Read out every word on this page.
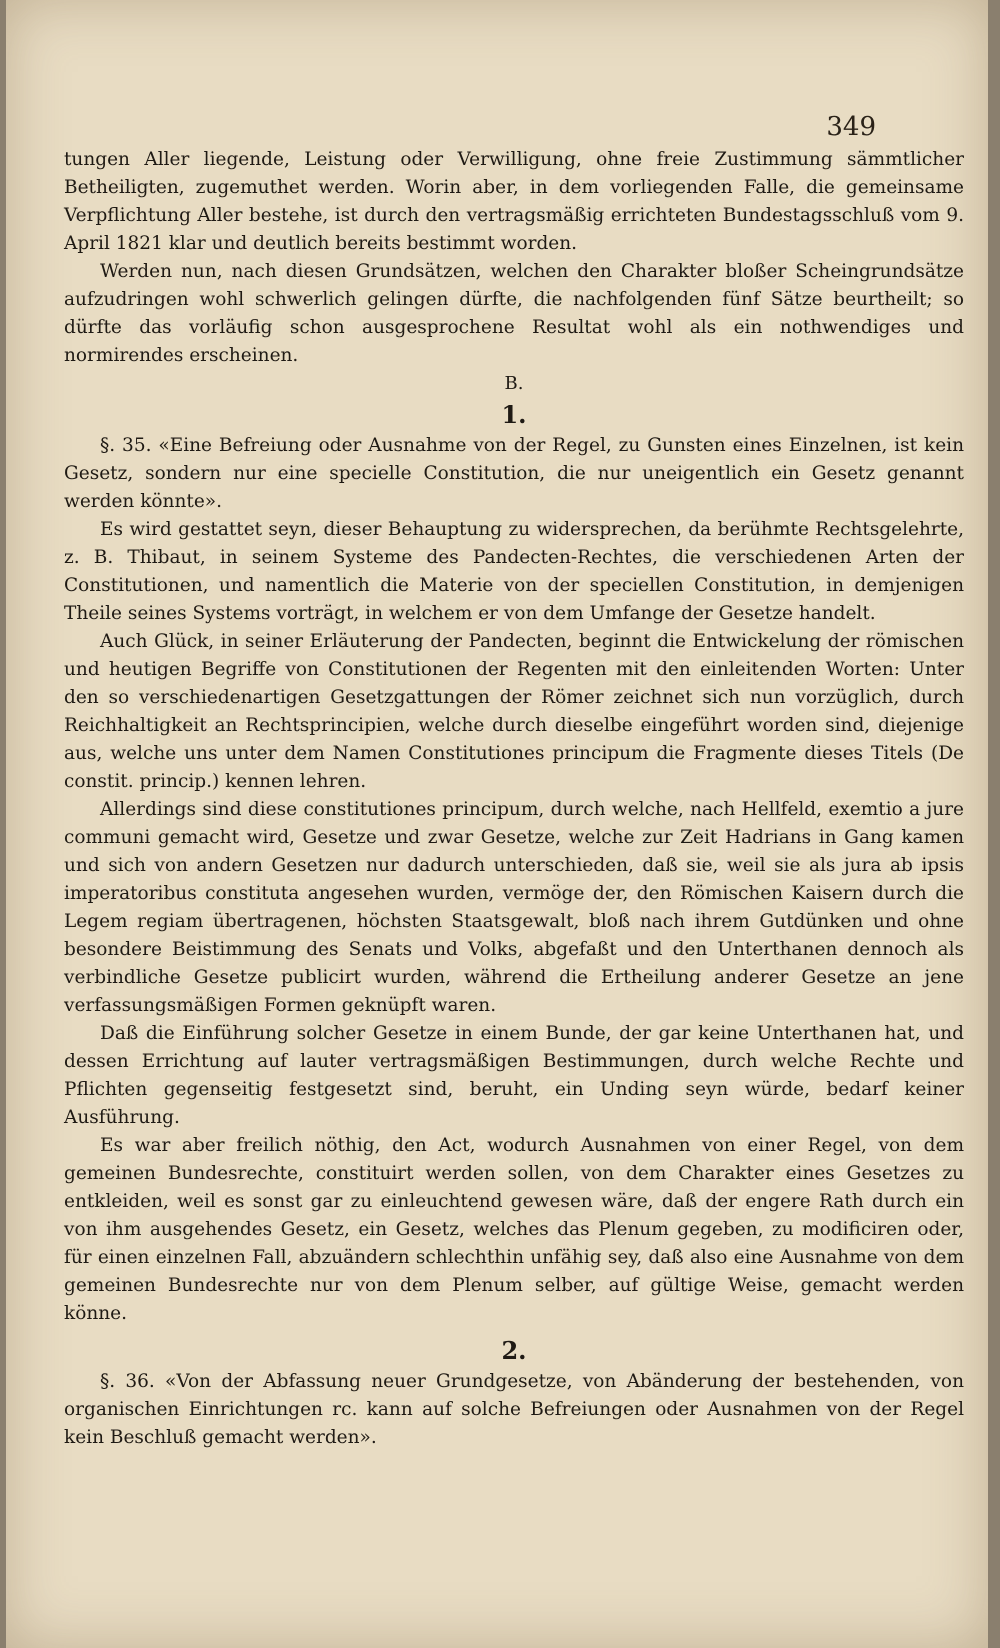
349

tungen Aller liegende, Leistung oder Verwilligung, ohne freie Zustimmung sämmtlicher Betheiligten, zugemuthet werden. Worin aber, in dem vorliegenden Falle, die gemeinsame Verpflichtung Aller bestehe, ist durch den vertragsmäßig errichteten Bundestagsschluß vom 9. April 1821 klar und deutlich bereits bestimmt worden.

Werden nun, nach diesen Grundsätzen, welchen den Charakter bloßer Scheingrundsätze aufzudringen wohl schwerlich gelingen dürfte, die nachfolgenden fünf Sätze beurtheilt; so dürfte das vorläufig schon ausgesprochene Resultat wohl als ein nothwendiges und normirendes erscheinen.

B.

1.

§. 35. «Eine Befreiung oder Ausnahme von der Regel, zu Gunsten eines Einzelnen, ist kein Gesetz, sondern nur eine specielle Constitution, die nur uneigentlich ein Gesetz genannt werden könnte».

Es wird gestattet seyn, dieser Behauptung zu widersprechen, da berühmte Rechtsgelehrte, z. B. Thibaut, in seinem Systeme des Pandecten-Rechtes, die verschiedenen Arten der Constitutionen, und namentlich die Materie von der speciellen Constitution, in demjenigen Theile seines Systems vorträgt, in welchem er von dem Umfange der Gesetze handelt.

Auch Glück, in seiner Erläuterung der Pandecten, beginnt die Entwickelung der römischen und heutigen Begriffe von Constitutionen der Regenten mit den einleitenden Worten: Unter den so verschiedenartigen Gesetzgattungen der Römer zeichnet sich nun vorzüglich, durch Reichhaltigkeit an Rechtsprincipien, welche durch dieselbe eingeführt worden sind, diejenige aus, welche uns unter dem Namen Constitutiones principum die Fragmente dieses Titels (De constit. princip.) kennen lehren.

Allerdings sind diese constitutiones principum, durch welche, nach Hellfeld, exemtio a jure communi gemacht wird, Gesetze und zwar Gesetze, welche zur Zeit Hadrians in Gang kamen und sich von andern Gesetzen nur dadurch unterschieden, daß sie, weil sie als jura ab ipsis imperatoribus constituta angesehen wurden, vermöge der, den Römischen Kaisern durch die Legem regiam übertragenen, höchsten Staatsgewalt, bloß nach ihrem Gutdünken und ohne besondere Beistimmung des Senats und Volks, abgefaßt und den Unterthanen dennoch als verbindliche Gesetze publicirt wurden, während die Ertheilung anderer Gesetze an jene verfassungsmäßigen Formen geknüpft waren.

Daß die Einführung solcher Gesetze in einem Bunde, der gar keine Unterthanen hat, und dessen Errichtung auf lauter vertragsmäßigen Bestimmungen, durch welche Rechte und Pflichten gegenseitig festgesetzt sind, beruht, ein Unding seyn würde, bedarf keiner Ausführung.

Es war aber freilich nöthig, den Act, wodurch Ausnahmen von einer Regel, von dem gemeinen Bundesrechte, constituirt werden sollen, von dem Charakter eines Gesetzes zu entkleiden, weil es sonst gar zu einleuchtend gewesen wäre, daß der engere Rath durch ein von ihm ausgehendes Gesetz, ein Gesetz, welches das Plenum gegeben, zu modificiren oder, für einen einzelnen Fall, abzuändern schlechthin unfähig sey, daß also eine Ausnahme von dem gemeinen Bundesrechte nur von dem Plenum selber, auf gültige Weise, gemacht werden könne.

2.

§. 36. «Von der Abfassung neuer Grundgesetze, von Abänderung der bestehenden, von organischen Einrichtungen rc. kann auf solche Befreiungen oder Ausnahmen von der Regel kein Beschluß gemacht werden».
